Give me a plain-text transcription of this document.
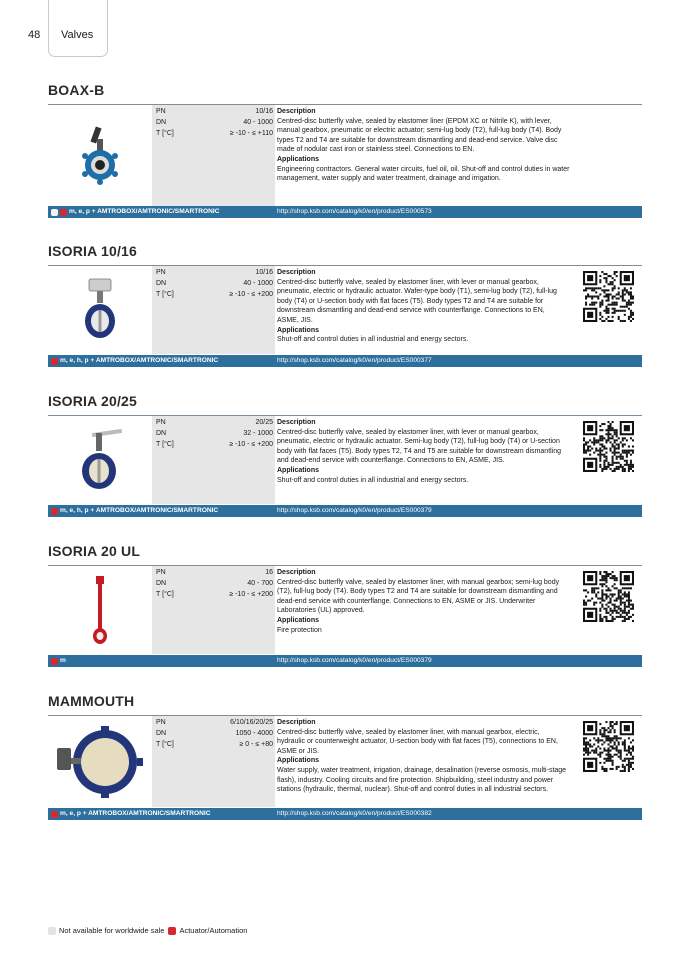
48 Valves
BOAX-B
PN	10/16
DN	40 - 1000
T [°C]	≥ -10 - ≤ +110
Description

Centred-disc butterfly valve, sealed by elastomer liner (EPDM XC or Nitrile K), with lever, manual gearbox, pneumatic or electric actuator; semi-lug body (T2), full-lug body (T4). Body types T2 and T4 are suitable for downstream dismantling and dead-end service. Valve disc made of nodular cast iron or stainless steel. Connections to EN.

Applications

Engineering contractors. General water circuits, fuel oil, oil. Shut-off and control duties in water management, water supply and water treatment, drainage and irrigation.

m, e, p + AMTROBOX/AMTRONIC/SMARTRONIC	http://shop.ksb.com/catalog/k0/en/product/ES000573
ISORIA 10/16
PN	10/16
DN	40 - 1000
T [°C]	≥ -10 - ≤ +200
Description

Centred-disc butterfly valve, sealed by elastomer liner, with lever or manual gearbox, pneumatic, electric or hydraulic actuator. Wafer-type body (T1), semi-lug body (T2), full-lug body (T4) or U-section body with flat faces (T5). Body types T2 and T4 are suitable for downstream dismantling and dead-end service with counterflange. Connections to EN, ASME, JIS.

Applications

Shut-off and control duties in all industrial and energy sectors.

m, e, h, p + AMTROBOX/AMTRONIC/SMARTRONIC	http://shop.ksb.com/catalog/k0/en/product/ES000377
ISORIA 20/25
PN	20/25
DN	32 - 1000
T [°C]	≥ -10 - ≤ +200
Description

Centred-disc butterfly valve, sealed by elastomer liner, with lever or manual gearbox, pneumatic, electric or hydraulic actuator. Semi-lug body (T2), full-lug body (T4) or U-section body with flat faces (T5). Body types T2, T4 and T5 are suitable for downstream dismantling and dead-end service with counterflange. Connections to EN, ASME, JIS.

Applications

Shut-off and control duties in all industrial and energy sectors.

m, e, h, p + AMTROBOX/AMTRONIC/SMARTRONIC	http://shop.ksb.com/catalog/k0/en/product/ES000379
ISORIA 20 UL
PN	16
DN	40 - 700
T [°C]	≥ -10 - ≤ +200
Description

Centred-disc butterfly valve, sealed by elastomer liner, with manual gearbox; semi-lug body (T2), full-lug body (T4). Body types T2 and T4 are suitable for downstream dismantling and dead-end service with counterflange. Connections to EN, ASME or JIS. Underwriter Laboratories (UL) approved.

Applications

Fire protection

m	http://shop.ksb.com/catalog/k0/en/product/ES000379
MAMMOUTH
PN	6/10/16/20/25
DN	1050 - 4000
T [°C]	≥ 0 - ≤ +80
Description

Centred-disc butterfly valve, sealed by elastomer liner, with manual gearbox, electric, hydraulic or counterweight actuator, U-section body with flat faces (T5), connections to EN, ASME or JIS.

Applications

Water supply, water treatment, irrigation, drainage, desalination (reverse osmosis, multi-stage flash), industry. Cooling circuits and fire protection. Shipbuilding, steel industry and power stations (hydraulic, thermal, nuclear). Shut-off and control duties in all industrial sectors.

m, e, p + AMTROBOX/AMTRONIC/SMARTRONIC	http://shop.ksb.com/catalog/k0/en/product/ES000382
Not available for worldwide sale Actuator/Automation
